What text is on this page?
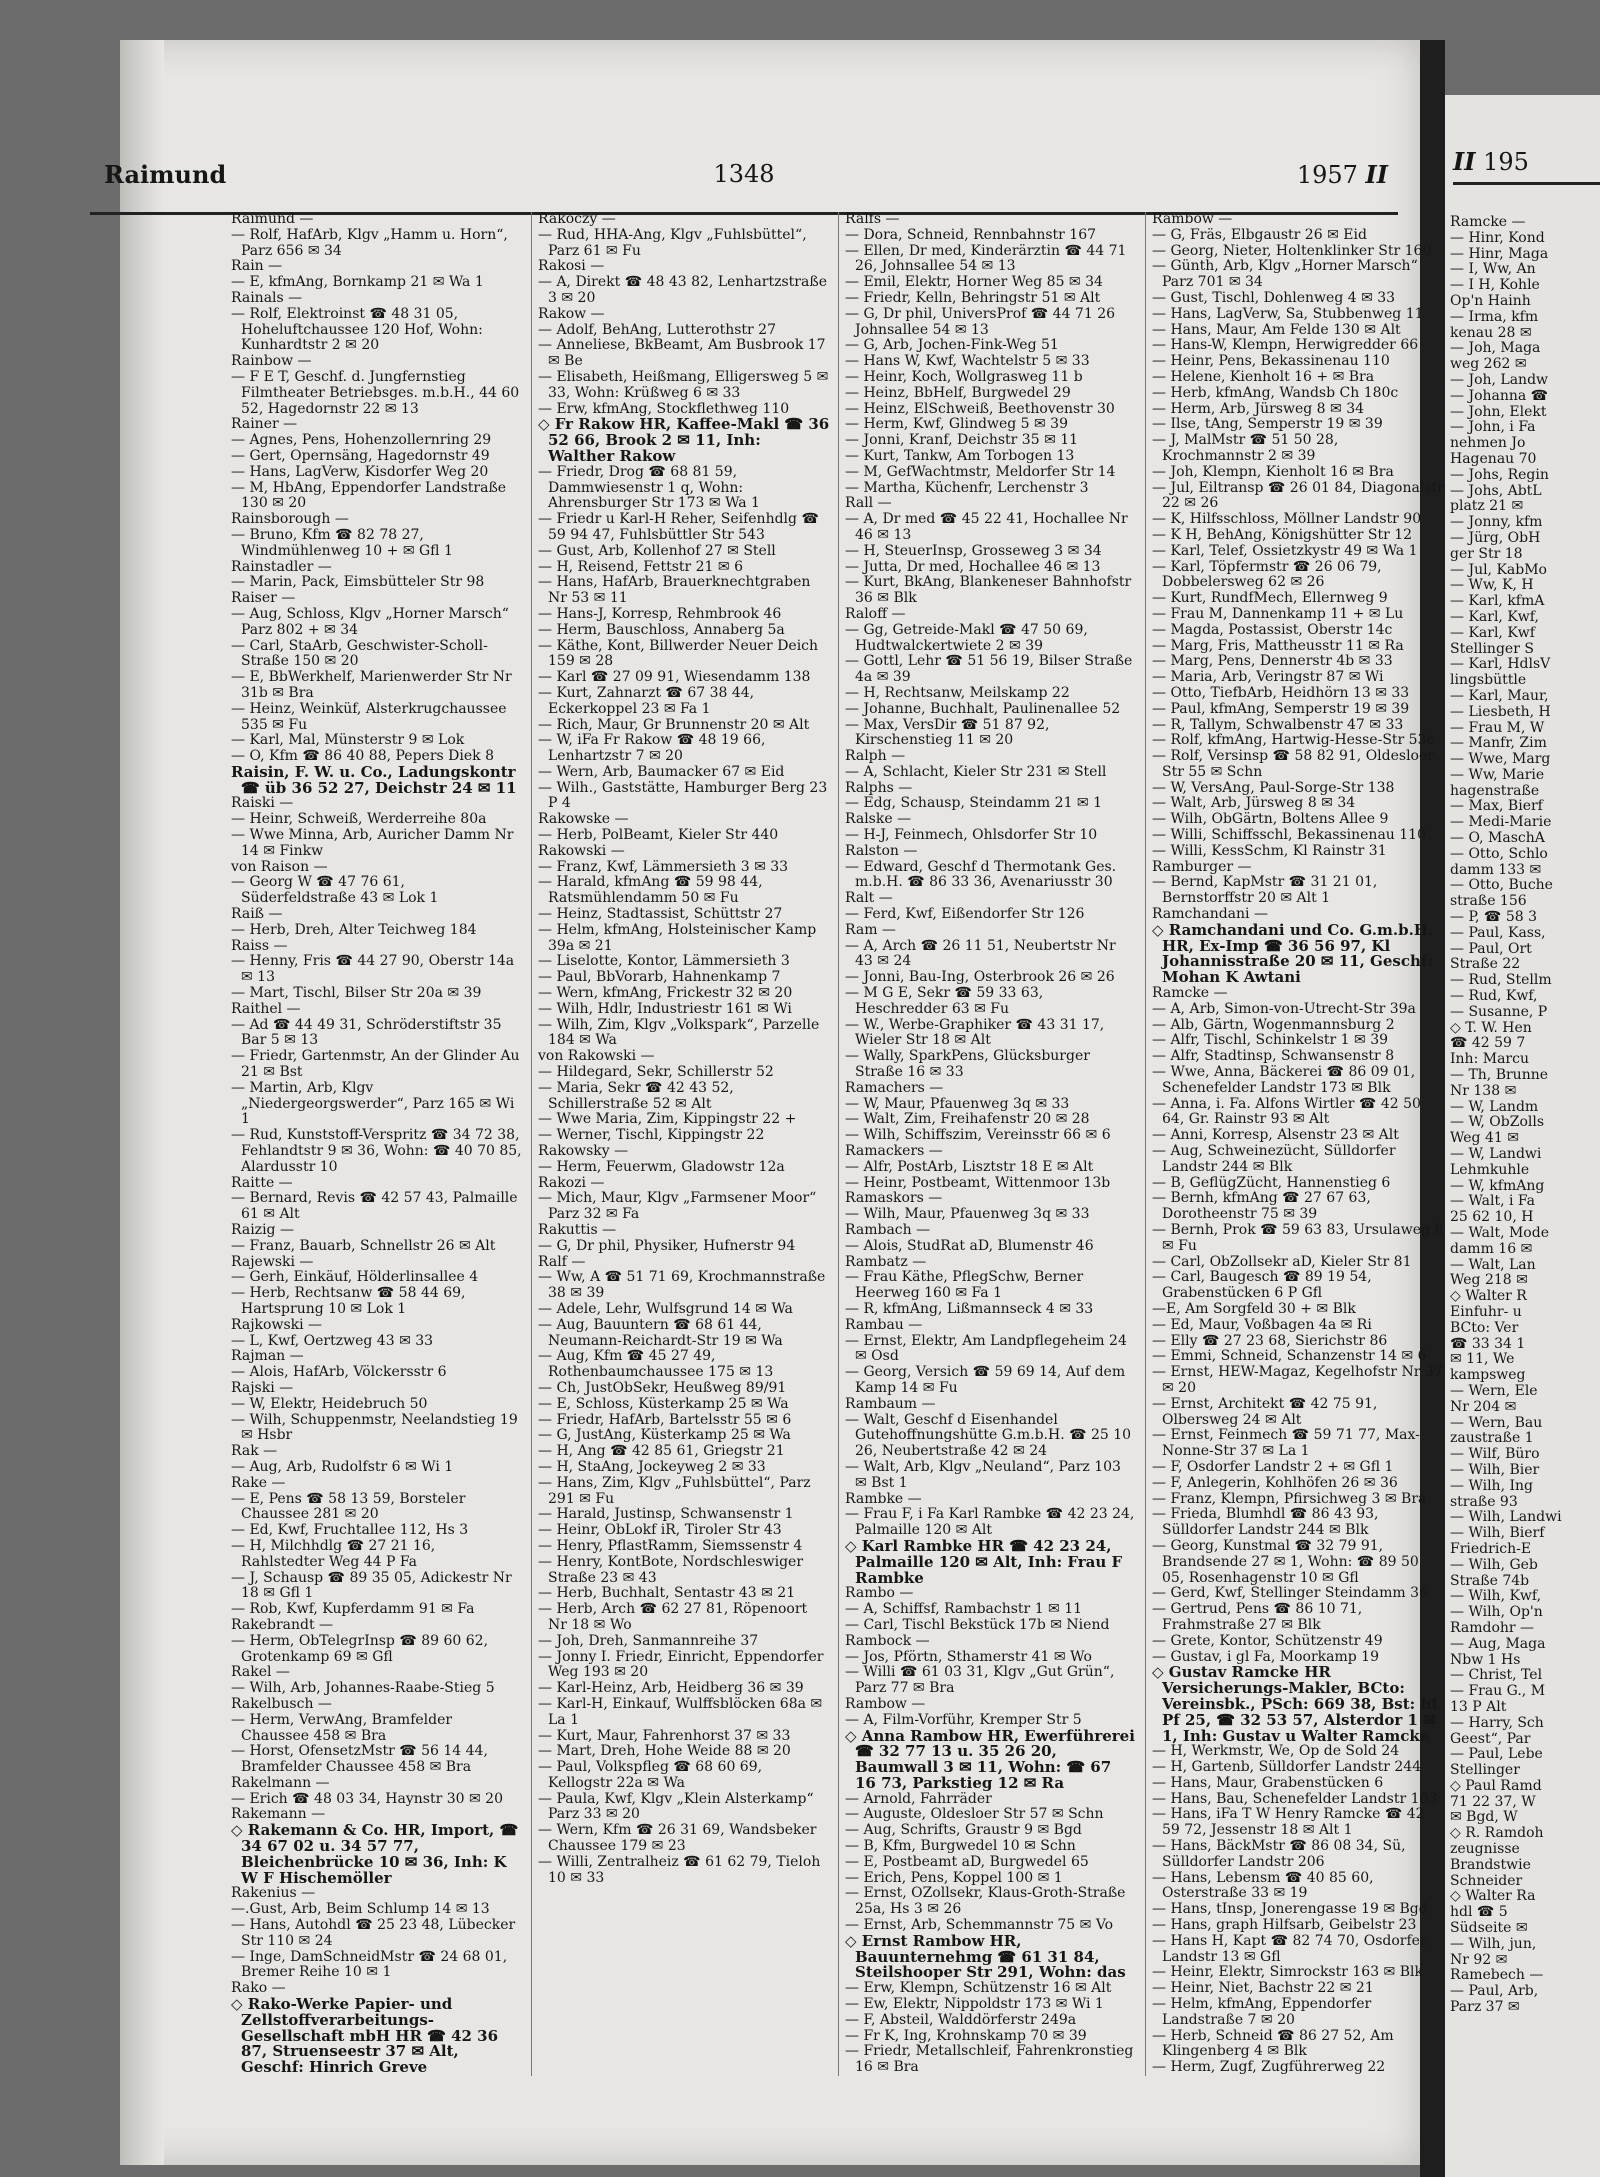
II 195

Ramcke —

— Hinr, Kond

— Hinr, Maga

— I, Ww, An

— I H, Kohle

Op'n Hainh

— Irma, kfm

kenau 28 ✉

— Joh, Maga

weg 262 ✉

— Joh, Landw

— Johanna ☎

— John, Elekt

— John, i Fa

nehmen Jo

Hagenau 70

— Johs, Regin

— Johs, AbtL

platz 21 ✉

— Jonny, kfm

— Jürg, ObH

ger Str 18

— Jul, KabMo

— Ww, K, H

— Karl, kfmA

— Karl, Kwf,

— Karl, Kwf

Stellinger S

— Karl, HdlsV

lingsbüttle

— Karl, Maur,

— Liesbeth, H

— Frau M, W

— Manfr, Zim

— Wwe, Marg

— Ww, Marie

hagenstraße

— Max, Bierf

— Medi-Marie

— O, MaschA

— Otto, Schlo

damm 133 ✉

— Otto, Buche

straße 156

— P, ☎ 58 3

— Paul, Kass,

— Paul, Ort

Straße 22

— Rud, Stellm

— Rud, Kwf,

— Susanne, P

◇ T. W. Hen

☎ 42 59 7

Inh: Marcu

— Th, Brunne

Nr 138 ✉

— W, Landm

— W, ObZolls

Weg 41 ✉

— W, Landwi

Lehmkuhle

— W, kfmAng

— Walt, i Fa

25 62 10, H

— Walt, Mode

damm 16 ✉

— Walt, Lan

Weg 218 ✉

◇ Walter R

Einfuhr- u

BCto: Ver

☎ 33 34 1

✉ 11, We

kampsweg

— Wern, Ele

Nr 204 ✉

— Wern, Bau

zaustraße 1

— Wilf, Büro

— Wilh, Bier

— Wilh, Ing

straße 93

— Wilh, Landwi

— Wilh, Bierf

Friedrich-E

— Wilh, Geb

Straße 74b

— Wilh, Kwf,

— Wilh, Op'n

Ramdohr —

— Aug, Maga

Nbw 1 Hs

— Christ, Tel

— Frau G., M

13 P Alt

— Harry, Sch

Geest“, Par

— Paul, Lebe

Stellinger

◇ Paul Ramd

71 22 37, W

✉ Bgd, W

◇ R. Ramdoh

zeugnisse

Brandstwie

Schneider

◇ Walter Ra

hdl ☎ 5

Südseite ✉

— Wilh, jun,

Nr 92 ✉

Ramebech —

— Paul, Arb,

Parz 37 ✉

Raimund	1348	1957 II

Raimund —

— Rolf, HafArb, Klgv „Hamm u. Horn“, Parz 656 ✉ 34

Rain —

— E, kfmAng, Bornkamp 21 ✉ Wa 1

Rainals —

— Rolf, Elektroinst ☎ 48 31 05, Hoheluftchaussee 120 Hof, Wohn: Kunhardtstr 2 ✉ 20

Rainbow —

— F E T, Geschf. d. Jungfernstieg Filmtheater Betriebsges. m.b.H., 44 60 52, Hagedornstr 22 ✉ 13

Rainer —

— Agnes, Pens, Hohenzollernring 29

— Gert, Opernsäng, Hagedornstr 49

— Hans, LagVerw, Kisdorfer Weg 20

— M, HbAng, Eppendorfer Landstraße 130 ✉ 20

Rainsborough —

— Bruno, Kfm ☎ 82 78 27, Windmühlenweg 10 + ✉ Gfl 1

Rainstadler —

— Marin, Pack, Eimsbütteler Str 98

Raiser —

— Aug, Schloss, Klgv „Horner Marsch“ Parz 802 + ✉ 34

— Carl, StaArb, Geschwister-Scholl-Straße 150 ✉ 20

— E, BbWerkhelf, Marienwerder Str Nr 31b ✉ Bra

— Heinz, Weinküf, Alsterkrugchaussee 535 ✉ Fu

— Karl, Mal, Münsterstr 9 ✉ Lok

— O, Kfm ☎ 86 40 88, Pepers Diek 8

Raisin, F. W. u. Co., Ladungskontr ☎ üb 36 52 27, Deichstr 24 ✉ 11

Raiski —

— Heinr, Schweiß, Werderreihe 80a

— Wwe Minna, Arb, Auricher Damm Nr 14 ✉ Finkw

von Raison —

— Georg W ☎ 47 76 61, Süderfeldstraße 43 ✉ Lok 1

Raiß —

— Herb, Dreh, Alter Teichweg 184

Raiss —

— Henny, Fris ☎ 44 27 90, Oberstr 14a ✉ 13

— Mart, Tischl, Bilser Str 20a ✉ 39

Raithel —

— Ad ☎ 44 49 31, Schröderstiftstr 35 Bar 5 ✉ 13

— Friedr, Gartenmstr, An der Glinder Au 21 ✉ Bst

— Martin, Arb, Klgv „Niedergeorgswerder“, Parz 165 ✉ Wi 1

— Rud, Kunststoff-Verspritz ☎ 34 72 38, Fehlandtstr 9 ✉ 36, Wohn: ☎ 40 70 85, Alardusstr 10

Raitte —

— Bernard, Revis ☎ 42 57 43, Palmaille 61 ✉ Alt

Raizig —

— Franz, Bauarb, Schnellstr 26 ✉ Alt

Rajewski —

— Gerh, Einkäuf, Hölderlinsallee 4

— Herb, Rechtsanw ☎ 58 44 69, Hartsprung 10 ✉ Lok 1

Rajkowski —

— L, Kwf, Oertzweg 43 ✉ 33

Rajman —

— Alois, HafArb, Völckersstr 6

Rajski —

— W, Elektr, Heidebruch 50

— Wilh, Schuppenmstr, Neelandstieg 19 ✉ Hsbr

Rak —

— Aug, Arb, Rudolfstr 6 ✉ Wi 1

Rake —

— E, Pens ☎ 58 13 59, Borsteler Chaussee 281 ✉ 20

— Ed, Kwf, Fruchtallee 112, Hs 3

— H, Milchhdlg ☎ 27 21 16, Rahlstedter Weg 44 P Fa

— J, Schausp ☎ 89 35 05, Adickestr Nr 18 ✉ Gfl 1

— Rob, Kwf, Kupferdamm 91 ✉ Fa

Rakebrandt —

— Herm, ObTelegrInsp ☎ 89 60 62, Grotenkamp 69 ✉ Gfl

Rakel —

— Wilh, Arb, Johannes-Raabe-Stieg 5

Rakelbusch —

— Herm, VerwAng, Bramfelder Chaussee 458 ✉ Bra

— Horst, OfensetzMstr ☎ 56 14 44, Bramfelder Chaussee 458 ✉ Bra

Rakelmann —

— Erich ☎ 48 03 34, Haynstr 30 ✉ 20

Rakemann —

◇ Rakemann & Co. HR, Import, ☎ 34 67 02 u. 34 57 77, Bleichenbrücke 10 ✉ 36, Inh: K W F Hischemöller

Rakenius —

—.Gust, Arb, Beim Schlump 14 ✉ 13

— Hans, Autohdl ☎ 25 23 48, Lübecker Str 110 ✉ 24

— Inge, DamSchneidMstr ☎ 24 68 01, Bremer Reihe 10 ✉ 1

Rako —

◇ Rako-Werke Papier- und Zellstoffverarbeitungs-Gesellschaft mbH HR ☎ 42 36 87, Struenseestr 37 ✉ Alt, Geschf: Hinrich Greve

Rakoczy —

— Rud, HHA-Ang, Klgv „Fuhlsbüttel“, Parz 61 ✉ Fu

Rakosi —

— A, Direkt ☎ 48 43 82, Lenhartzstraße 3 ✉ 20

Rakow —

— Adolf, BehAng, Lutterothstr 27

— Anneliese, BkBeamt, Am Busbrook 17 ✉ Be

— Elisabeth, Heißmang, Elligersweg 5 ✉ 33, Wohn: Krüßweg 6 ✉ 33

— Erw, kfmAng, Stockflethweg 110

◇ Fr Rakow HR, Kaffee-Makl ☎ 36 52 66, Brook 2 ✉ 11, Inh: Walther Rakow

— Friedr, Drog ☎ 68 81 59, Dammwiesenstr 1 q, Wohn: Ahrensburger Str 173 ✉ Wa 1

— Friedr u Karl-H Reher, Seifenhdlg ☎ 59 94 47, Fuhlsbüttler Str 543

— Gust, Arb, Kollenhof 27 ✉ Stell

— H, Reisend, Fettstr 21 ✉ 6

— Hans, HafArb, Brauerknechtgraben Nr 53 ✉ 11

— Hans-J, Korresp, Rehmbrook 46

— Herm, Bauschloss, Annaberg 5a

— Käthe, Kont, Billwerder Neuer Deich 159 ✉ 28

— Karl ☎ 27 09 91, Wiesendamm 138

— Kurt, Zahnarzt ☎ 67 38 44, Eckerkoppel 23 ✉ Fa 1

— Rich, Maur, Gr Brunnenstr 20 ✉ Alt

— W, iFa Fr Rakow ☎ 48 19 66, Lenhartzstr 7 ✉ 20

— Wern, Arb, Baumacker 67 ✉ Eid

— Wilh., Gaststätte, Hamburger Berg 23 P 4

Rakowske —

— Herb, PolBeamt, Kieler Str 440

Rakowski —

— Franz, Kwf, Lämmersieth 3 ✉ 33

— Harald, kfmAng ☎ 59 98 44, Ratsmühlendamm 50 ✉ Fu

— Heinz, Stadtassist, Schüttstr 27

— Helm, kfmAng, Holsteinischer Kamp 39a ✉ 21

— Liselotte, Kontor, Lämmersieth 3

— Paul, BbVorarb, Hahnenkamp 7

— Wern, kfmAng, Frickestr 32 ✉ 20

— Wilh, Hdlr, Industriestr 161 ✉ Wi

— Wilh, Zim, Klgv „Volkspark“, Parzelle 184 ✉ Wa

von Rakowski —

— Hildegard, Sekr, Schillerstr 52

— Maria, Sekr ☎ 42 43 52, Schillerstraße 52 ✉ Alt

— Wwe Maria, Zim, Kippingstr 22 +

— Werner, Tischl, Kippingstr 22

Rakowsky —

— Herm, Feuerwm, Gladowstr 12a

Rakozi —

— Mich, Maur, Klgv „Farmsener Moor“ Parz 32 ✉ Fa

Rakuttis —

— G, Dr phil, Physiker, Hufnerstr 94

Ralf —

— Ww, A ☎ 51 71 69, Krochmannstraße 38 ✉ 39

— Adele, Lehr, Wulfsgrund 14 ✉ Wa

— Aug, Bauuntern ☎ 68 61 44, Neumann-Reichardt-Str 19 ✉ Wa

— Aug, Kfm ☎ 45 27 49, Rothenbaumchaussee 175 ✉ 13

— Ch, JustObSekr, Heußweg 89/91

— E, Schloss, Küsterkamp 25 ✉ Wa

— Friedr, HafArb, Bartelsstr 55 ✉ 6

— G, JustAng, Küsterkamp 25 ✉ Wa

— H, Ang ☎ 42 85 61, Griegstr 21

— H, StaAng, Jockeyweg 2 ✉ 33

— Hans, Zim, Klgv „Fuhlsbüttel“, Parz 291 ✉ Fu

— Harald, Justinsp, Schwansenstr 1

— Heinr, ObLokf iR, Tiroler Str 43

— Henry, PflastRamm, Siemssenstr 4

— Henry, KontBote, Nordschleswiger Straße 23 ✉ 43

— Herb, Buchhalt, Sentastr 43 ✉ 21

— Herb, Arch ☎ 62 27 81, Röpenoort Nr 18 ✉ Wo

— Joh, Dreh, Sanmannreihe 37

— Jonny I. Friedr, Einricht, Eppendorfer Weg 193 ✉ 20

— Karl-Heinz, Arb, Heidberg 36 ✉ 39

— Karl-H, Einkauf, Wulffsblöcken 68a ✉ La 1

— Kurt, Maur, Fahrenhorst 37 ✉ 33

— Mart, Dreh, Hohe Weide 88 ✉ 20

— Paul, Volkspfleg ☎ 68 60 69, Kellogstr 22a ✉ Wa

— Paula, Kwf, Klgv „Klein Alsterkamp“ Parz 33 ✉ 20

— Wern, Kfm ☎ 26 31 69, Wandsbeker Chaussee 179 ✉ 23

— Willi, Zentralheiz ☎ 61 62 79, Tieloh 10 ✉ 33

Ralfs —

— Dora, Schneid, Rennbahnstr 167

— Ellen, Dr med, Kinderärztin ☎ 44 71 26, Johnsallee 54 ✉ 13

— Emil, Elektr, Horner Weg 85 ✉ 34

— Friedr, Kelln, Behringstr 51 ✉ Alt

— G, Dr phil, UniversProf ☎ 44 71 26 Johnsallee 54 ✉ 13

— G, Arb, Jochen-Fink-Weg 51

— Hans W, Kwf, Wachtelstr 5 ✉ 33

— Heinr, Koch, Wollgrasweg 11 b

— Heinz, BbHelf, Burgwedel 29

— Heinz, ElSchweiß, Beethovenstr 30

— Herm, Kwf, Glindweg 5 ✉ 39

— Jonni, Kranf, Deichstr 35 ✉ 11

— Kurt, Tankw, Am Torbogen 13

— M, GefWachtmstr, Meldorfer Str 14

— Martha, Küchenfr, Lerchenstr 3

Rall —

— A, Dr med ☎ 45 22 41, Hochallee Nr 46 ✉ 13

— H, SteuerInsp, Grosseweg 3 ✉ 34

— Jutta, Dr med, Hochallee 46 ✉ 13

— Kurt, BkAng, Blankeneser Bahnhofstr 36 ✉ Blk

Raloff —

— Gg, Getreide-Makl ☎ 47 50 69, Hudtwalckertwiete 2 ✉ 39

— Gottl, Lehr ☎ 51 56 19, Bilser Straße 4a ✉ 39

— H, Rechtsanw, Meilskamp 22

— Johanne, Buchhalt, Paulinenallee 52

— Max, VersDir ☎ 51 87 92, Kirschenstieg 11 ✉ 20

Ralph —

— A, Schlacht, Kieler Str 231 ✉ Stell

Ralphs —

— Edg, Schausp, Steindamm 21 ✉ 1

Ralske —

— H-J, Feinmech, Ohlsdorfer Str 10

Ralston —

— Edward, Geschf d Thermotank Ges. m.b.H. ☎ 86 33 36, Avenariusstr 30

Ralt —

— Ferd, Kwf, Eißendorfer Str 126

Ram —

— A, Arch ☎ 26 11 51, Neubertstr Nr 43 ✉ 24

— Jonni, Bau-Ing, Osterbrook 26 ✉ 26

— M G E, Sekr ☎ 59 33 63, Heschredder 63 ✉ Fu

— W., Werbe-Graphiker ☎ 43 31 17, Wieler Str 18 ✉ Alt

— Wally, SparkPens, Glücksburger Straße 16 ✉ 33

Ramachers —

— W, Maur, Pfauenweg 3q ✉ 33

— Walt, Zim, Freihafenstr 20 ✉ 28

— Wilh, Schiffszim, Vereinsstr 66 ✉ 6

Ramackers —

— Alfr, PostArb, Lisztstr 18 E ✉ Alt

— Heinr, Postbeamt, Wittenmoor 13b

Ramaskors —

— Wilh, Maur, Pfauenweg 3q ✉ 33

Rambach —

— Alois, StudRat aD, Blumenstr 46

Rambatz —

— Frau Käthe, PflegSchw, Berner Heerweg 160 ✉ Fa 1

— R, kfmAng, Lißmannseck 4 ✉ 33

Rambau —

— Ernst, Elektr, Am Landpflegeheim 24 ✉ Osd

— Georg, Versich ☎ 59 69 14, Auf dem Kamp 14 ✉ Fu

Rambaum —

— Walt, Geschf d Eisenhandel Gutehoffnungshütte G.m.b.H. ☎ 25 10 26, Neubertstraße 42 ✉ 24

— Walt, Arb, Klgv „Neuland“, Parz 103 ✉ Bst 1

Rambke —

— Frau F, i Fa Karl Rambke ☎ 42 23 24, Palmaille 120 ✉ Alt

◇ Karl Rambke HR ☎ 42 23 24, Palmaille 120 ✉ Alt, Inh: Frau F Rambke

Rambo —

— A, Schiffsf, Rambachstr 1 ✉ 11

— Carl, Tischl Bekstück 17b ✉ Niend

Rambock —

— Jos, Pförtn, Sthamerstr 41 ✉ Wo

— Willi ☎ 61 03 31, Klgv „Gut Grün“, Parz 77 ✉ Bra

Rambow —

— A, Film-Vorführ, Kremper Str 5

◇ Anna Rambow HR, Ewerführerei ☎ 32 77 13 u. 35 26 20, Baumwall 3 ✉ 11, Wohn: ☎ 67 16 73, Parkstieg 12 ✉ Ra

— Arnold, Fahrräder

— Auguste, Oldesloer Str 57 ✉ Schn

— Aug, Schrifts, Graustr 9 ✉ Bgd

— B, Kfm, Burgwedel 10 ✉ Schn

— E, Postbeamt aD, Burgwedel 65

— Erich, Pens, Koppel 100 ✉ 1

— Ernst, OZollsekr, Klaus-Groth-Straße 25a, Hs 3 ✉ 26

— Ernst, Arb, Schemmannstr 75 ✉ Vo

◇ Ernst Rambow HR, Bauunternehmg ☎ 61 31 84, Steilshooper Str 291, Wohn: das

— Erw, Klempn, Schützenstr 16 ✉ Alt

— Ew, Elektr, Nippoldstr 173 ✉ Wi 1

— F, Absteil, Walddörferstr 249a

— Fr K, Ing, Krohnskamp 70 ✉ 39

— Friedr, Metallschleif, Fahrenkronstieg 16 ✉ Bra

Rambow —

— G, Fräs, Elbgaustr 26 ✉ Eid

— Georg, Nieter, Holtenklinker Str 160

— Günth, Arb, Klgv „Horner Marsch“ Parz 701 ✉ 34

— Gust, Tischl, Dohlenweg 4 ✉ 33

— Hans, LagVerw, Sa, Stubbenweg 11

— Hans, Maur, Am Felde 130 ✉ Alt

— Hans-W, Klempn, Herwigredder 66

— Heinr, Pens, Bekassinenau 110

— Helene, Kienholt 16 + ✉ Bra

— Herb, kfmAng, Wandsb Ch 180c

— Herm, Arb, Jürsweg 8 ✉ 34

— Ilse, tAng, Semperstr 19 ✉ 39

— J, MalMstr ☎ 51 50 28, Krochmannstr 2 ✉ 39

— Joh, Klempn, Kienholt 16 ✉ Bra

— Jul, Eiltransp ☎ 26 01 84, Diagonalstr 22 ✉ 26

— K, Hilfsschloss, Möllner Landstr 90

— K H, BehAng, Königshütter Str 12

— Karl, Telef, Ossietzkystr 49 ✉ Wa 1

— Karl, Töpfermstr ☎ 26 06 79, Dobbelersweg 62 ✉ 26

— Kurt, RundfMech, Ellernweg 9

— Frau M, Dannenkamp 11 + ✉ Lu

— Magda, Postassist, Oberstr 14c

— Marg, Fris, Mattheusstr 11 ✉ Ra

— Marg, Pens, Dennerstr 4b ✉ 33

— Maria, Arb, Veringstr 87 ✉ Wi

— Otto, TiefbArb, Heidhörn 13 ✉ 33

— Paul, kfmAng, Semperstr 19 ✉ 39

— R, Tallym, Schwalbenstr 47 ✉ 33

— Rolf, kfmAng, Hartwig-Hesse-Str 53c

— Rolf, Versinsp ☎ 58 82 91, Oldesloer Str 55 ✉ Schn

— W, VersAng, Paul-Sorge-Str 138

— Walt, Arb, Jürsweg 8 ✉ 34

— Wilh, ObGärtn, Boltens Allee 9

— Willi, Schiffsschl, Bekassinenau 110

— Willi, KessSchm, Kl Rainstr 31

Ramburger —

— Bernd, KapMstr ☎ 31 21 01, Bernstorffstr 20 ✉ Alt 1

Ramchandani —

◇ Ramchandani und Co. G.m.b.H. HR, Ex-Imp ☎ 36 56 97, Kl Johannisstraße 20 ✉ 11, Geschf: Mohan K Awtani

Ramcke —

— A, Arb, Simon-von-Utrecht-Str 39a

— Alb, Gärtn, Wogenmannsburg 2

— Alfr, Tischl, Schinkelstr 1 ✉ 39

— Alfr, Stadtinsp, Schwansenstr 8

— Wwe, Anna, Bäckerei ☎ 86 09 01, Schenefelder Landstr 173 ✉ Blk

— Anna, i. Fa. Alfons Wirtler ☎ 42 50 64, Gr. Rainstr 93 ✉ Alt

— Anni, Korresp, Alsenstr 23 ✉ Alt

— Aug, Schweinezücht, Sülldorfer Landstr 244 ✉ Blk

— B, GeflügZücht, Hannenstieg 6

— Bernh, kfmAng ☎ 27 67 63, Dorotheenstr 75 ✉ 39

— Bernh, Prok ☎ 59 63 83, Ursulaweg 8 ✉ Fu

— Carl, ObZollsekr aD, Kieler Str 81

— Carl, Baugesch ☎ 89 19 54, Grabenstücken 6 P Gfl

—E, Am Sorgfeld 30 + ✉ Blk

— Ed, Maur, Voßbagen 4a ✉ Ri

— Elly ☎ 27 23 68, Sierichstr 86

— Emmi, Schneid, Schanzenstr 14 ✉ 6

— Ernst, HEW-Magaz, Kegelhofstr Nr 37 ✉ 20

— Ernst, Architekt ☎ 42 75 91, Olbersweg 24 ✉ Alt

— Ernst, Feinmech ☎ 59 71 77, Max-Nonne-Str 37 ✉ La 1

— F, Osdorfer Landstr 2 + ✉ Gfl 1

— F, Anlegerin, Kohlhöfen 26 ✉ 36

— Franz, Klempn, Pfirsichweg 3 ✉ Bra

— Frieda, Blumhdl ☎ 86 43 93, Sülldorfer Landstr 244 ✉ Blk

— Georg, Kunstmal ☎ 32 79 91, Brandsende 27 ✉ 1, Wohn: ☎ 89 50 05, Rosenhagenstr 10 ✉ Gfl

— Gerd, Kwf, Stellinger Steindamm 36

— Gertrud, Pens ☎ 86 10 71, Frahmstraße 27 ✉ Blk

— Grete, Kontor, Schützenstr 49

— Gustav, i gl Fa, Moorkamp 19

◇ Gustav Ramcke HR Versicherungs-Makler, BCto: Vereinsbk., PSch: 669 38, Bst: ht Pf 25, ☎ 32 53 57, Alsterdor 1 ✉ 1, Inh: Gustav u Walter Ramcke

— H, Werkmstr, We, Op de Sold 24

— H, Gartenb, Sülldorfer Landstr 244

— Hans, Maur, Grabenstücken 6

— Hans, Bau, Schenefelder Landstr 163

— Hans, iFa T W Henry Ramcke ☎ 42 59 72, Jessenstr 18 ✉ Alt 1

— Hans, BäckMstr ☎ 86 08 34, Sü, Sülldorfer Landstr 206

— Hans, Lebensm ☎ 40 85 60, Osterstraße 33 ✉ 19

— Hans, tInsp, Jonerengasse 19 ✉ Bgd

— Hans, graph Hilfsarb, Geibelstr 23

— Hans H, Kapt ☎ 82 74 70, Osdorfer Landstr 13 ✉ Gfl

— Heinr, Elektr, Simrockstr 163 ✉ Blk

— Heinr, Niet, Bachstr 22 ✉ 21

— Helm, kfmAng, Eppendorfer Landstraße 7 ✉ 20

— Herb, Schneid ☎ 86 27 52, Am Klingenberg 4 ✉ Blk

— Herm, Zugf, Zugführerweg 22
